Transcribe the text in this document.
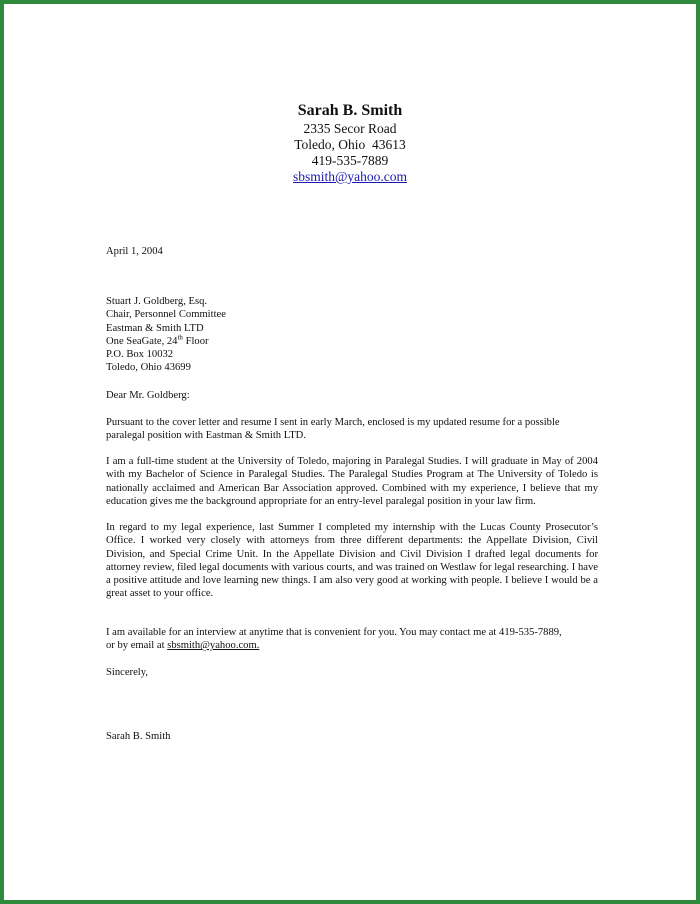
Sarah B. Smith
2335 Secor Road
Toledo, Ohio  43613
419-535-7889
sbsmith@yahoo.com
April 1, 2004
Stuart J. Goldberg, Esq.
Chair, Personnel Committee
Eastman & Smith LTD
One SeaGate, 24th Floor
P.O. Box 10032
Toledo, Ohio 43699
Dear Mr. Goldberg:
Pursuant to the cover letter and resume I sent in early March, enclosed is my updated resume for a possible paralegal position with Eastman & Smith LTD.
I am a full-time student at the University of Toledo, majoring in Paralegal Studies. I will graduate in May of 2004 with my Bachelor of Science in Paralegal Studies. The Paralegal Studies Program at The University of Toledo is nationally acclaimed and American Bar Association approved. Combined with my experience, I believe that my education gives me the background appropriate for an entry-level paralegal position in your law firm.
In regard to my legal experience, last Summer I completed my internship with the Lucas County Prosecutor’s Office. I worked very closely with attorneys from three different departments: the Appellate Division, Civil Division, and Special Crime Unit. In the Appellate Division and Civil Division I drafted legal documents for attorney review, filed legal documents with various courts, and was trained on Westlaw for legal researching. I have a positive attitude and love learning new things. I am also very good at working with people. I believe I would be a great asset to your office.
I am available for an interview at anytime that is convenient for you. You may contact me at 419-535-7889,
or by email at sbsmith@yahoo.com.
Sincerely,
Sarah B. Smith
